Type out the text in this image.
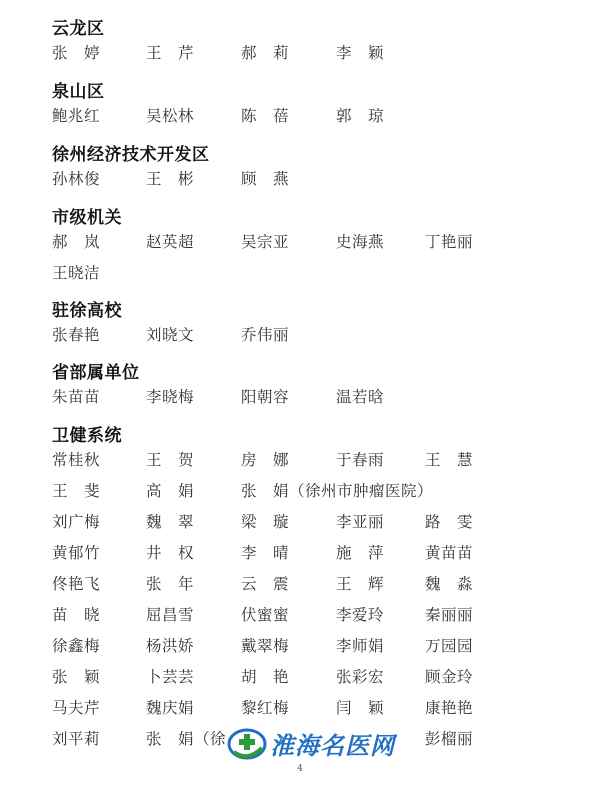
云龙区
张　婷	王　芹	郝　莉	李　颖
泉山区
鲍兆红	吴松林	陈　蓓	郭　琼
徐州经济技术开发区
孙林俊	王　彬	顾　燕
市级机关
郝　岚	赵英超	吴宗亚	史海燕	丁艳丽
王晓洁
驻徐高校
张春艳	刘晓文	乔伟丽
省部属单位
朱苗苗	李晓梅	阳朝容	温若晗
卫健系统
常桂秋	王　贺	房　娜	于春雨	王　慧
王　斐	高　娟	张　娟（徐州市肿瘤医院）
刘广梅	魏　翠	梁　璇	李亚丽	路　雯
黄郁竹	井　权	李　晴	施　萍	黄苗苗
佟艳飞	张　年	云　震	王　辉	魏　淼
苗　晓	屈昌雪	伏蜜蜜	李爱玲	秦丽丽
徐鑫梅	杨洪娇	戴翠梅	李师娟	万园园
张　颖	卜芸芸	胡　艳	张彩宏	顾金玲
马夫芹	魏庆娟	黎红梅	闫　颖	康艳艳
刘平莉	张　娟（徐	彭榴丽
4
淮海名医网
